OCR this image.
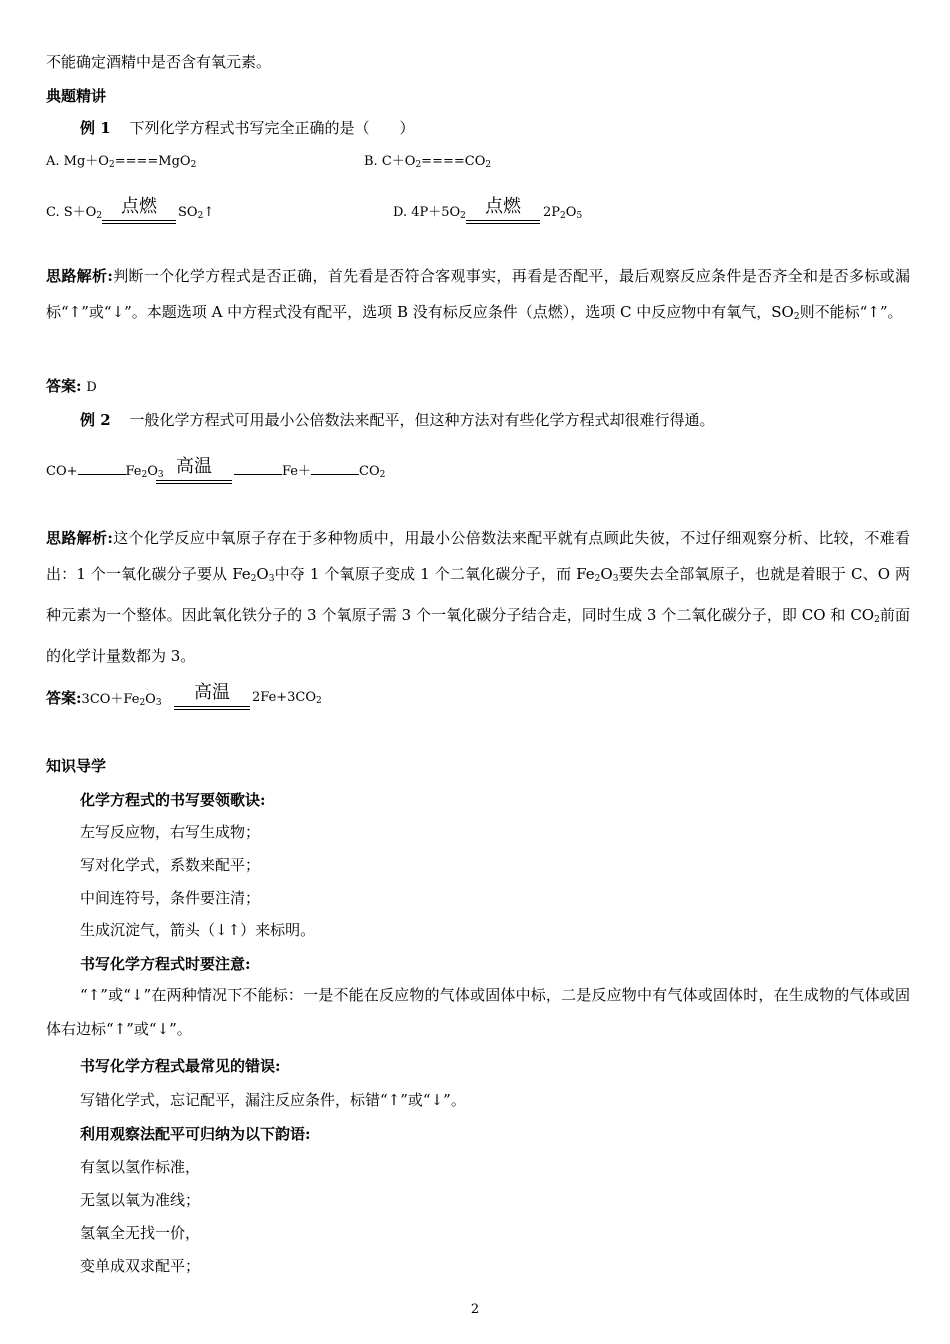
不能确定酒精中是否含有氧元素。
典题精讲
例 1 下列化学方程式书写完全正确的是（　　）
A. $Mg+O_2====MgO_2$	B. $C+O_2====CO_2$
C. $S+O_2$	点燃	$SO_2↑$	D. $4P+5O_2$	点燃	$2P_2O_5$
思路解析:判断一个化学方程式是否正确，首先看是否符合客观事实，再看是否配平，最后观察反应条件是否齐全和是否多标或漏标“↑”或“↓”。本题选项 A 中方程式没有配平，选项 B 没有标反应条件（点燃），选项 C 中反应物中有氧气，$SO_2$则不能标“↑”。
答案: D
例 2 一般化学方程式可用最小公倍数法来配平，但这种方法对有些化学方程式却很难行得通。
CO+	$Fe_2O_3$ 高温	Fe＋	$CO_2$
思路解析:这个化学反应中氧原子存在于多种物质中，用最小公倍数法来配平就有点顾此失彼，不过仔细观察分析、比较，不难看出：1 个一氧化碳分子要从 $Fe_2O_3$中夺 1 个氧原子变成 1 个二氧化碳分子，而 $Fe_2O_3$要失去全部氧原子，也就是着眼于 C、O 两种元素为一个整体。因此氧化铁分子的 3 个氧原子需 3 个一氧化碳分子结合走，同时生成 3 个二氧化碳分子，即 CO 和 $CO_2$前面的化学计量数都为 3。
答案$:3CO+Fe_2O_3$	高温	$2Fe+3CO_2$
知识导学
化学方程式的书写要领歌诀:
左写反应物，右写生成物；
写对化学式，系数来配平；
中间连符号，条件要注清；
生成沉淀气，箭头（↓↑）来标明。
书写化学方程式时要注意:
“↑”或“↓”在两种情况下不能标：一是不能在反应物的气体或固体中标，二是反应物中有气体或固体时，在生成物的气体或固体右边标“↑”或“↓”。
书写化学方程式最常见的错误:
写错化学式，忘记配平，漏注反应条件，标错“↑”或“↓”。
利用观察法配平可归纳为以下韵语:
有氢以氢作标准，
无氢以氧为准线；
氢氧全无找一价，
变单成双求配平；
2
